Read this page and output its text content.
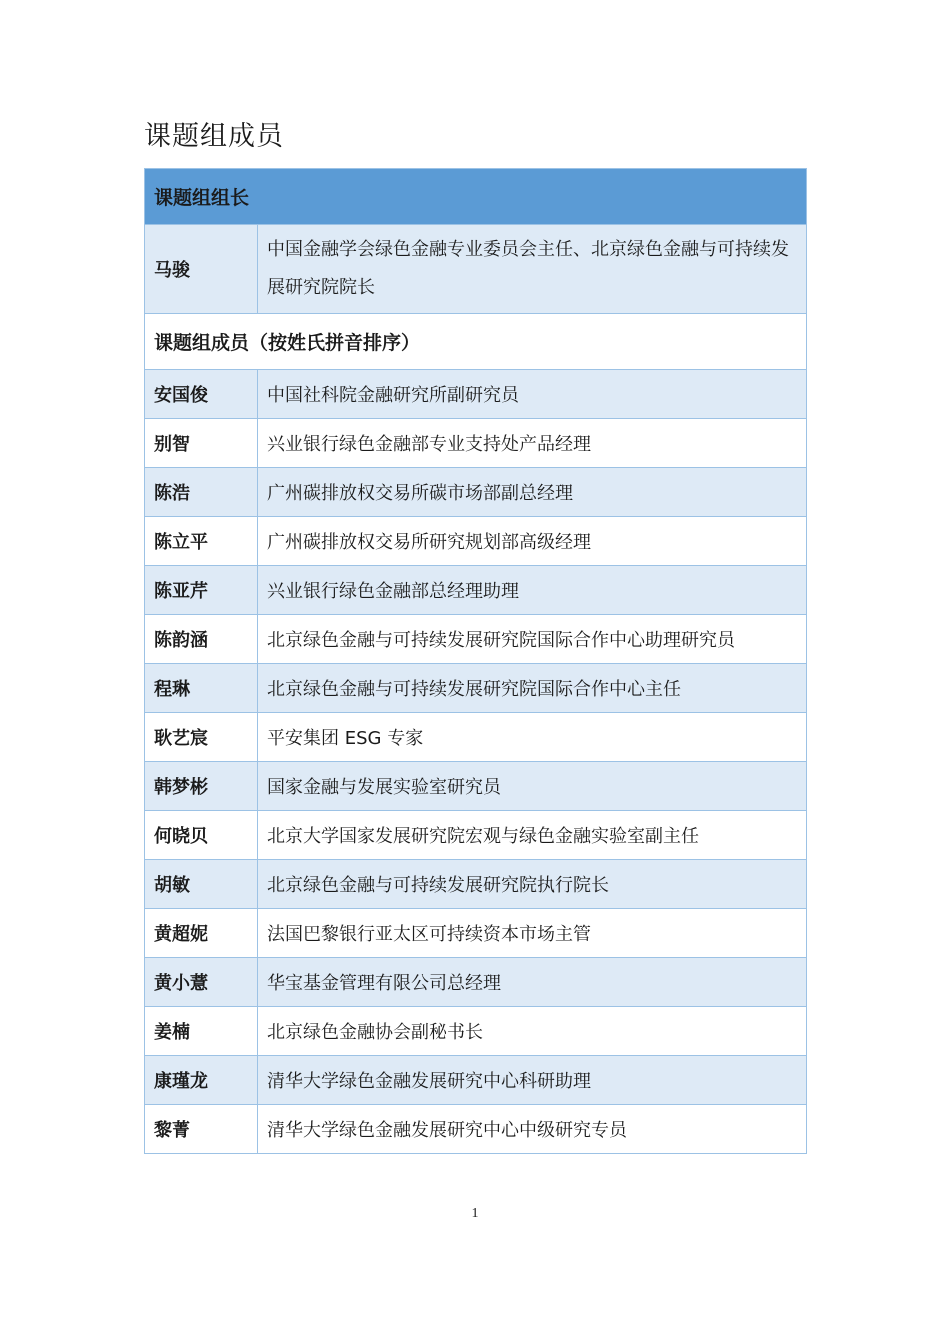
课题组成员
课题组组长	
马骏	中国金融学会绿色金融专业委员会主任、北京绿色金融与可持续发展研究院院长
课题组成员（按姓氏拼音排序）	
安国俊	中国社科院金融研究所副研究员
别智	兴业银行绿色金融部专业支持处产品经理
陈浩	广州碳排放权交易所碳市场部副总经理
陈立平	广州碳排放权交易所研究规划部高级经理
陈亚芹	兴业银行绿色金融部总经理助理
陈韵涵	北京绿色金融与可持续发展研究院国际合作中心助理研究员
程琳	北京绿色金融与可持续发展研究院国际合作中心主任
耿艺宸	平安集团 ESG 专家
韩梦彬	国家金融与发展实验室研究员
何晓贝	北京大学国家发展研究院宏观与绿色金融实验室副主任
胡敏	北京绿色金融与可持续发展研究院执行院长
黄超妮	法国巴黎银行亚太区可持续资本市场主管
黄小薏	华宝基金管理有限公司总经理
姜楠	北京绿色金融协会副秘书长
康瑾龙	清华大学绿色金融发展研究中心科研助理
黎菁	清华大学绿色金融发展研究中心中级研究专员
1
